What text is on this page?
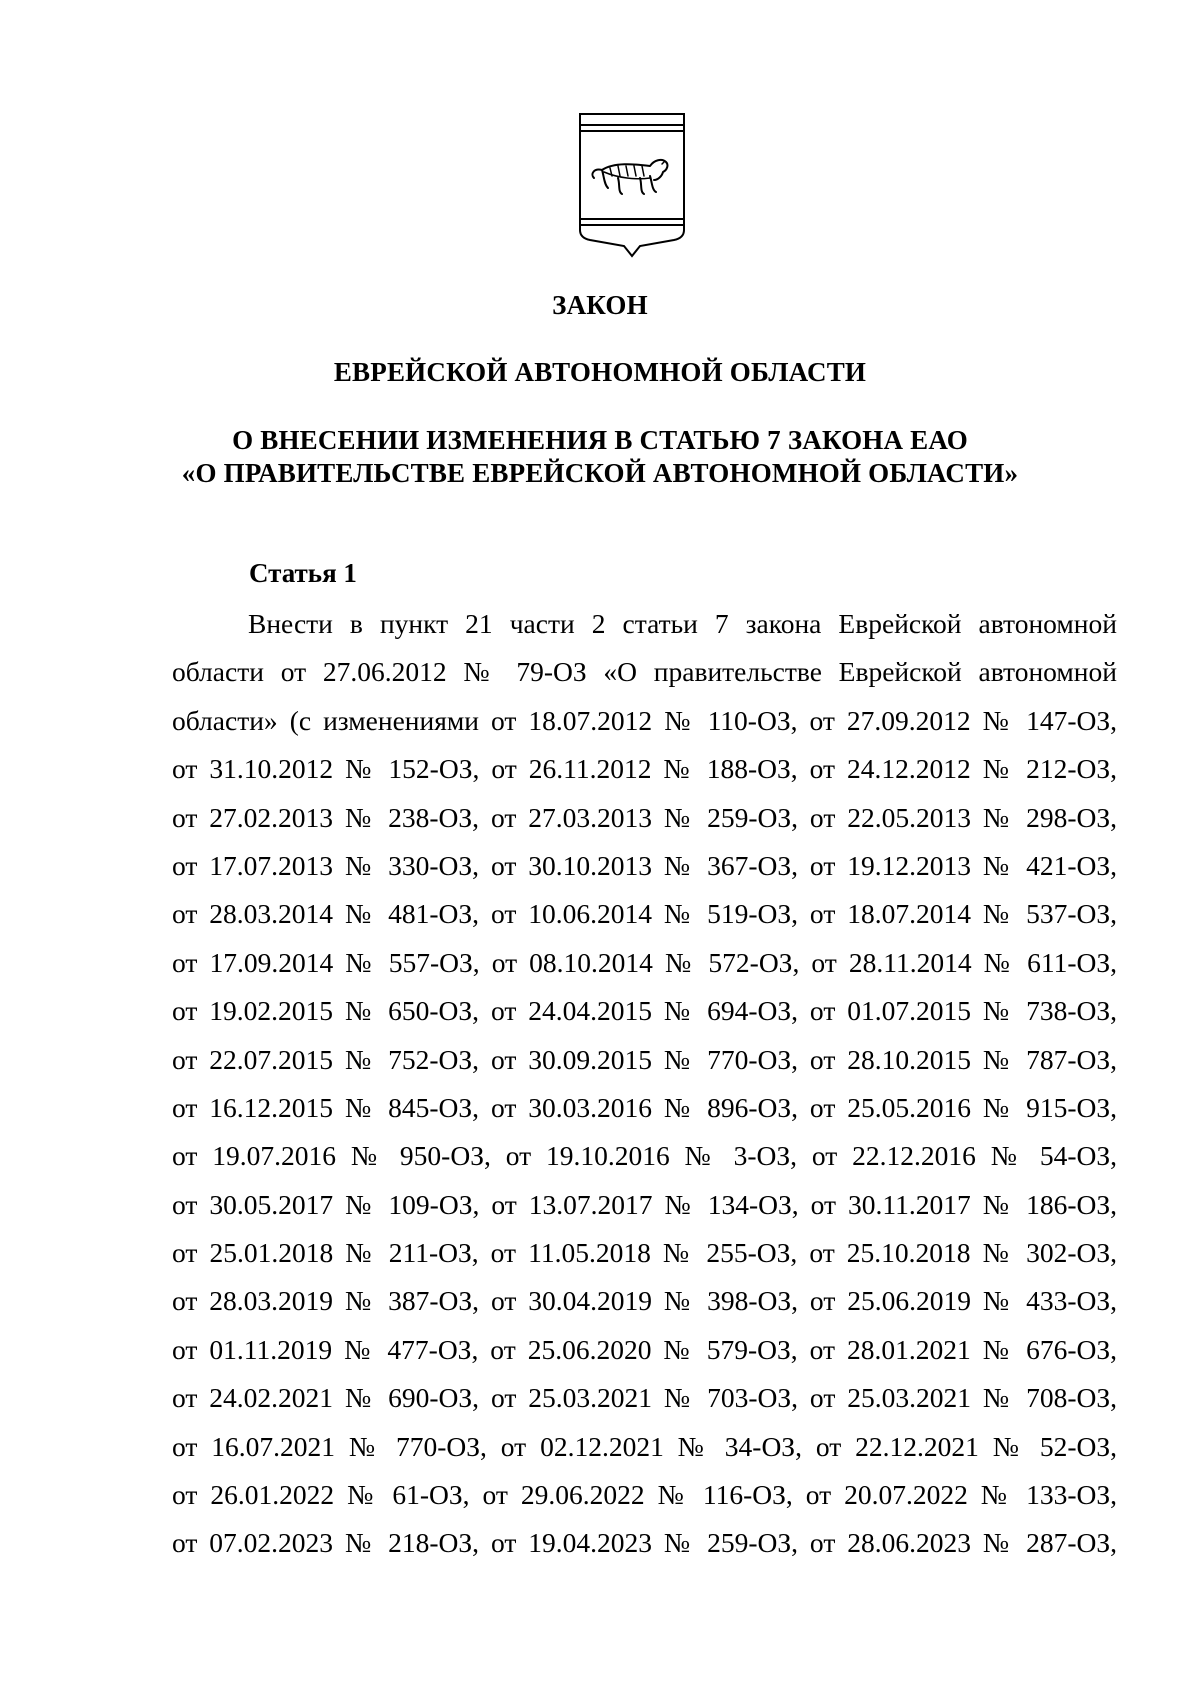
ЗАКОН
ЕВРЕЙСКОЙ АВТОНОМНОЙ ОБЛАСТИ
О ВНЕСЕНИИ ИЗМЕНЕНИЯ В СТАТЬЮ 7 ЗАКОНА ЕАО
«О ПРАВИТЕЛЬСТВЕ ЕВРЕЙСКОЙ АВТОНОМНОЙ ОБЛАСТИ»
Статья 1
Внести в пункт 21 части 2 статьи 7 закона Еврейской автономной
области от 27.06.2012 № 79-ОЗ «О правительстве Еврейской автономной
области» (с изменениями от 18.07.2012 № 110-ОЗ, от 27.09.2012 № 147-ОЗ,
от 31.10.2012 № 152-ОЗ, от 26.11.2012 № 188-ОЗ, от 24.12.2012 № 212-ОЗ,
от 27.02.2013 № 238-ОЗ, от 27.03.2013 № 259-ОЗ, от 22.05.2013 № 298-ОЗ,
от 17.07.2013 № 330-ОЗ, от 30.10.2013 № 367-ОЗ, от 19.12.2013 № 421-ОЗ,
от 28.03.2014 № 481-ОЗ, от 10.06.2014 № 519-ОЗ, от 18.07.2014 № 537-ОЗ,
от 17.09.2014 № 557-ОЗ, от 08.10.2014 № 572-ОЗ, от 28.11.2014 № 611-ОЗ,
от 19.02.2015 № 650-ОЗ, от 24.04.2015 № 694-ОЗ, от 01.07.2015 № 738-ОЗ,
от 22.07.2015 № 752-ОЗ, от 30.09.2015 № 770-ОЗ, от 28.10.2015 № 787-ОЗ,
от 16.12.2015 № 845-ОЗ, от 30.03.2016 № 896-ОЗ, от 25.05.2016 № 915-ОЗ,
от 19.07.2016 № 950-ОЗ, от 19.10.2016 № 3-ОЗ, от 22.12.2016 № 54-ОЗ,
от 30.05.2017 № 109-ОЗ, от 13.07.2017 № 134-ОЗ, от 30.11.2017 № 186-ОЗ,
от 25.01.2018 № 211-ОЗ, от 11.05.2018 № 255-ОЗ, от 25.10.2018 № 302-ОЗ,
от 28.03.2019 № 387-ОЗ, от 30.04.2019 № 398-ОЗ, от 25.06.2019 № 433-ОЗ,
от 01.11.2019 № 477-ОЗ, от 25.06.2020 № 579-ОЗ, от 28.01.2021 № 676-ОЗ,
от 24.02.2021 № 690-ОЗ, от 25.03.2021 № 703-ОЗ, от 25.03.2021 № 708-ОЗ,
от 16.07.2021 № 770-ОЗ, от 02.12.2021 № 34-ОЗ, от 22.12.2021 № 52-ОЗ,
от 26.01.2022 № 61-ОЗ, от 29.06.2022 № 116-ОЗ, от 20.07.2022 № 133-ОЗ,
от 07.02.2023 № 218-ОЗ, от 19.04.2023 № 259-ОЗ, от 28.06.2023 № 287-ОЗ,
